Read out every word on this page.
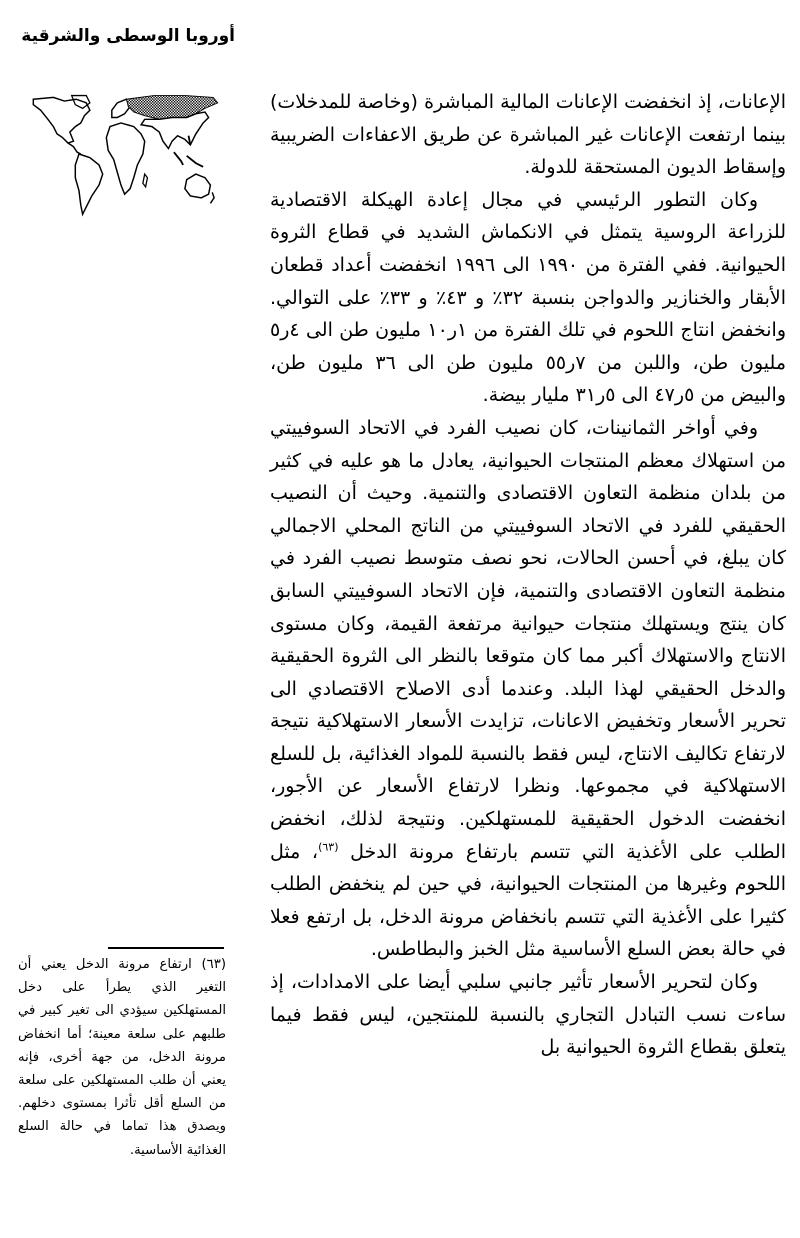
أوروبا الوسطى والشرقية

الإعانات، إذ انخفضت الإعانات المالية المباشرة (وخاصة للمدخلات) بينما ارتفعت الإعانات غير المباشرة عن طريق الاعفاءات الضريبية وإسقاط الديون المستحقة للدولة.

وكان التطور الرئيسي في مجال إعادة الهيكلة الاقتصادية للزراعة الروسية يتمثل في الانكماش الشديد في قطاع الثروة الحيوانية. ففي الفترة من ١٩٩٠ الى ١٩٩٦ انخفضت أعداد قطعان الأبقار والخنازير والدواجن بنسبة ٣٢٪ و ٤٣٪ و ٣٣٪ على التوالي. وانخفض انتاج اللحوم في تلك الفترة من ١ر١٠ مليون طن الى ٤ر٥ مليون طن، واللبن من ٧ر٥٥ مليون طن الى ٣٦ مليون طن، والبيض من ٥ر٤٧ الى ٥ر٣١ مليار بيضة.

وفي أواخر الثمانينات، كان نصيب الفرد في الاتحاد السوفييتي من استهلاك معظم المنتجات الحيوانية، يعادل ما هو عليه في كثير من بلدان منظمة التعاون الاقتصادى والتنمية. وحيث أن النصيب الحقيقي للفرد في الاتحاد السوفييتي من الناتج المحلي الاجمالي كان يبلغ، في أحسن الحالات، نحو نصف متوسط نصيب الفرد في منظمة التعاون الاقتصادى والتنمية، فإن الاتحاد السوفييتي السابق كان ينتج ويستهلك منتجات حيوانية مرتفعة القيمة، وكان مستوى الانتاج والاستهلاك أكبر مما كان متوقعا بالنظر الى الثروة الحقيقية والدخل الحقيقي لهذا البلد. وعندما أدى الاصلاح الاقتصادي الى تحرير الأسعار وتخفيض الاعانات، تزايدت الأسعار الاستهلاكية نتيجة لارتفاع تكاليف الانتاج، ليس فقط بالنسبة للمواد الغذائية، بل للسلع الاستهلاكية في مجموعها. ونظرا لارتفاع الأسعار عن الأجور، انخفضت الدخول الحقيقية للمستهلكين. ونتيجة لذلك، انخفض الطلب على الأغذية التي تتسم بارتفاع مرونة الدخل $^{(٦٣)}$، مثل اللحوم وغيرها من المنتجات الحيوانية، في حين لم ينخفض الطلب كثيرا على الأغذية التي تتسم بانخفاض مرونة الدخل، بل ارتفع فعلا في حالة بعض السلع الأساسية مثل الخبز والبطاطس.

وكان لتحرير الأسعار تأثير جانبي سلبي أيضا على الامدادات، إذ ساءت نسب التبادل التجاري بالنسبة للمنتجين، ليس فقط فيما يتعلق بقطاع الثروة الحيوانية بل

(٦٣) ارتفاع مرونة الدخل يعني أن التغير الذي يطرأ على دخل المستهلكين سيؤدي الى تغير كبير في طلبهم على سلعة معينة؛ أما انخفاض مرونة الدخل، من جهة أخرى، فإنه يعني أن طلب المستهلكين على سلعة من السلع أقل تأثرا بمستوى دخلهم. ويصدق هذا تماما في حالة السلع الغذائية الأساسية.
